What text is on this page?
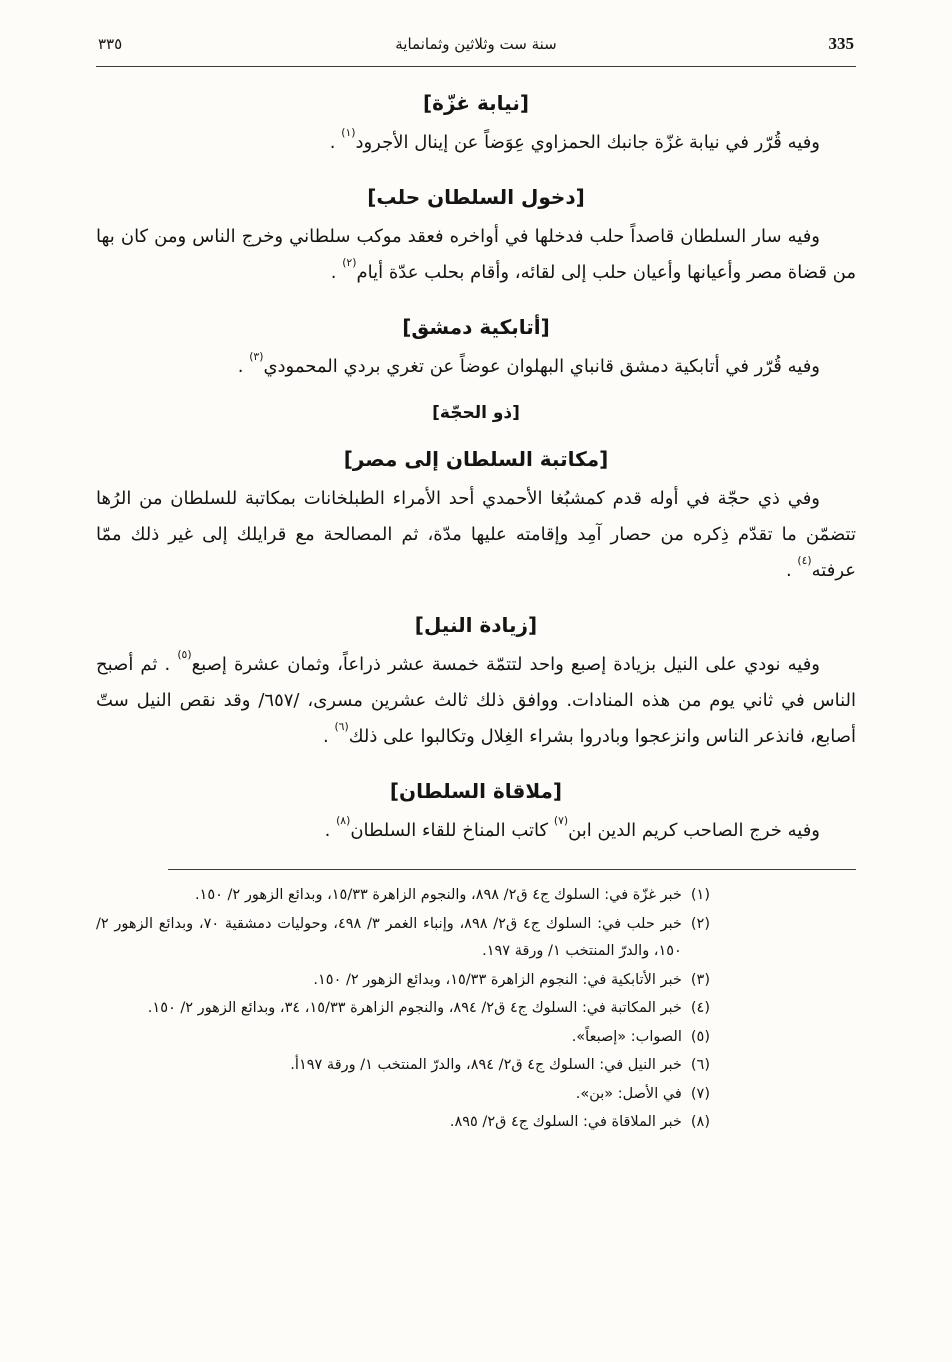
335
سنة ست وثلاثين وثمانماية
٣٣٥
[نيابة غزّة]

وفيه قُرّر في نيابة غزّة جانبك الحمزاوي عِوَضاً عن إينال الأجرود$^{(١)}$ .

[دخول السلطان حلب]

وفيه سار السلطان قاصداً حلب فدخلها في أواخره فعقد موكب سلطاني وخرج الناس ومن كان بها من قضاة مصر وأعيانها وأعيان حلب إلى لقائه، وأقام بحلب عدّة أيام$^{(٢)}$ .

[أتابكية دمشق]

وفيه قُرّر في أتابكية دمشق قانباي البهلوان عوضاً عن تغري بردي المحمودي$^{(٣)}$ .

[ذو الحجّة]
[مكاتبة السلطان إلى مصر]

وفي ذي حجّة في أوله قدم كمشبُغا الأحمدي أحد الأمراء الطبلخانات بمكاتبة للسلطان من الرُها تتضمّن ما تقدّم ذِكره من حصار آمِد وإقامته عليها مدّة، ثم المصالحة مع قرايلك إلى غير ذلك ممّا عرفته$^{(٤)}$ .

[زيادة النيل]

وفيه نودي على النيل بزيادة إصبع واحد لتتمّة خمسة عشر ذراعاً، وثمان عشرة إصبع$^{(٥)}$ . ثم أصبح الناس في ثاني يوم من هذه المنادات. ووافق ذلك ثالث عشرين مسرى، /٦٥٧/ وقد نقص النيل ستّ أصابع، فانذعر الناس وانزعجوا وبادروا بشراء الغِلال وتكالبوا على ذلك$^{(٦)}$ .

[ملاقاة السلطان]

وفيه خرج الصاحب كريم الدين ابن$^{(٧)}$ كاتب المناخ للقاء السلطان$^{(٨)}$ .

(١)
خبر غزّة في: السلوك ج٤ ق٢/ ٨٩٨، والنجوم الزاهرة ١٥/٣٣، وبدائع الزهور ٢/ ١٥٠.
(٢)
خبر حلب في: السلوك ج٤ ق٢/ ٨٩٨، وإنباء الغمر ٣/ ٤٩٨، وحوليات دمشقية ٧٠، وبدائع الزهور ٢/ ١٥٠، والدرّ المنتخب ١/ ورقة ١٩٧.
(٣)
خبر الأتابكية في: النجوم الزاهرة ١٥/٣٣، وبدائع الزهور ٢/ ١٥٠.
(٤)
خبر المكاتبة في: السلوك ج٤ ق٢/ ٨٩٤، والنجوم الزاهرة ١٥/٣٣، ٣٤، وبدائع الزهور ٢/ ١٥٠.
(٥)
الصواب: «إصبعاً».
(٦)
خبر النيل في: السلوك ج٤ ق٢/ ٨٩٤، والدرّ المنتخب ١/ ورقة ١٩٧أ.
(٧)
في الأصل: «بن».
(٨)
خبر الملاقاة في: السلوك ج٤ ق٢/ ٨٩٥.
